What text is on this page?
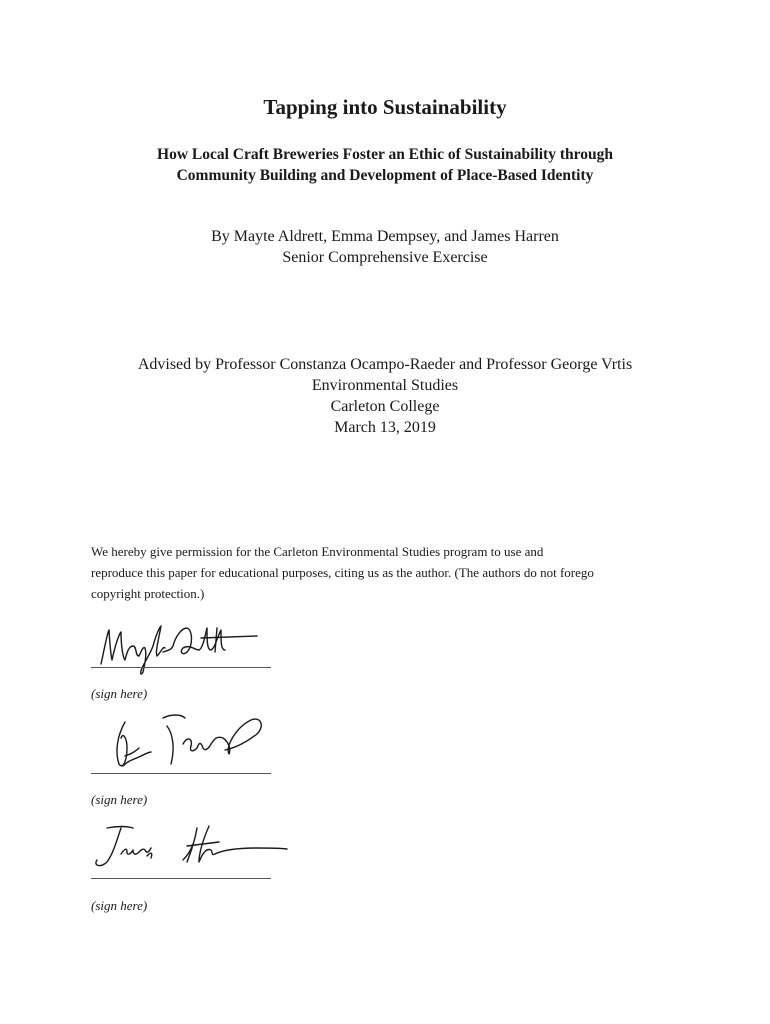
Tapping into Sustainability
How Local Craft Breweries Foster an Ethic of Sustainability through
Community Building and Development of Place-Based Identity
By Mayte Aldrett, Emma Dempsey, and James Harren
Senior Comprehensive Exercise
Advised by Professor Constanza Ocampo-Raeder and Professor George Vrtis
Environmental Studies
Carleton College
March 13, 2019
We hereby give permission for the Carleton Environmental Studies program to use and
reproduce this paper for educational purposes, citing us as the author. (The authors do not forego
copyright protection.)
(sign here)
(sign here)
(sign here)
